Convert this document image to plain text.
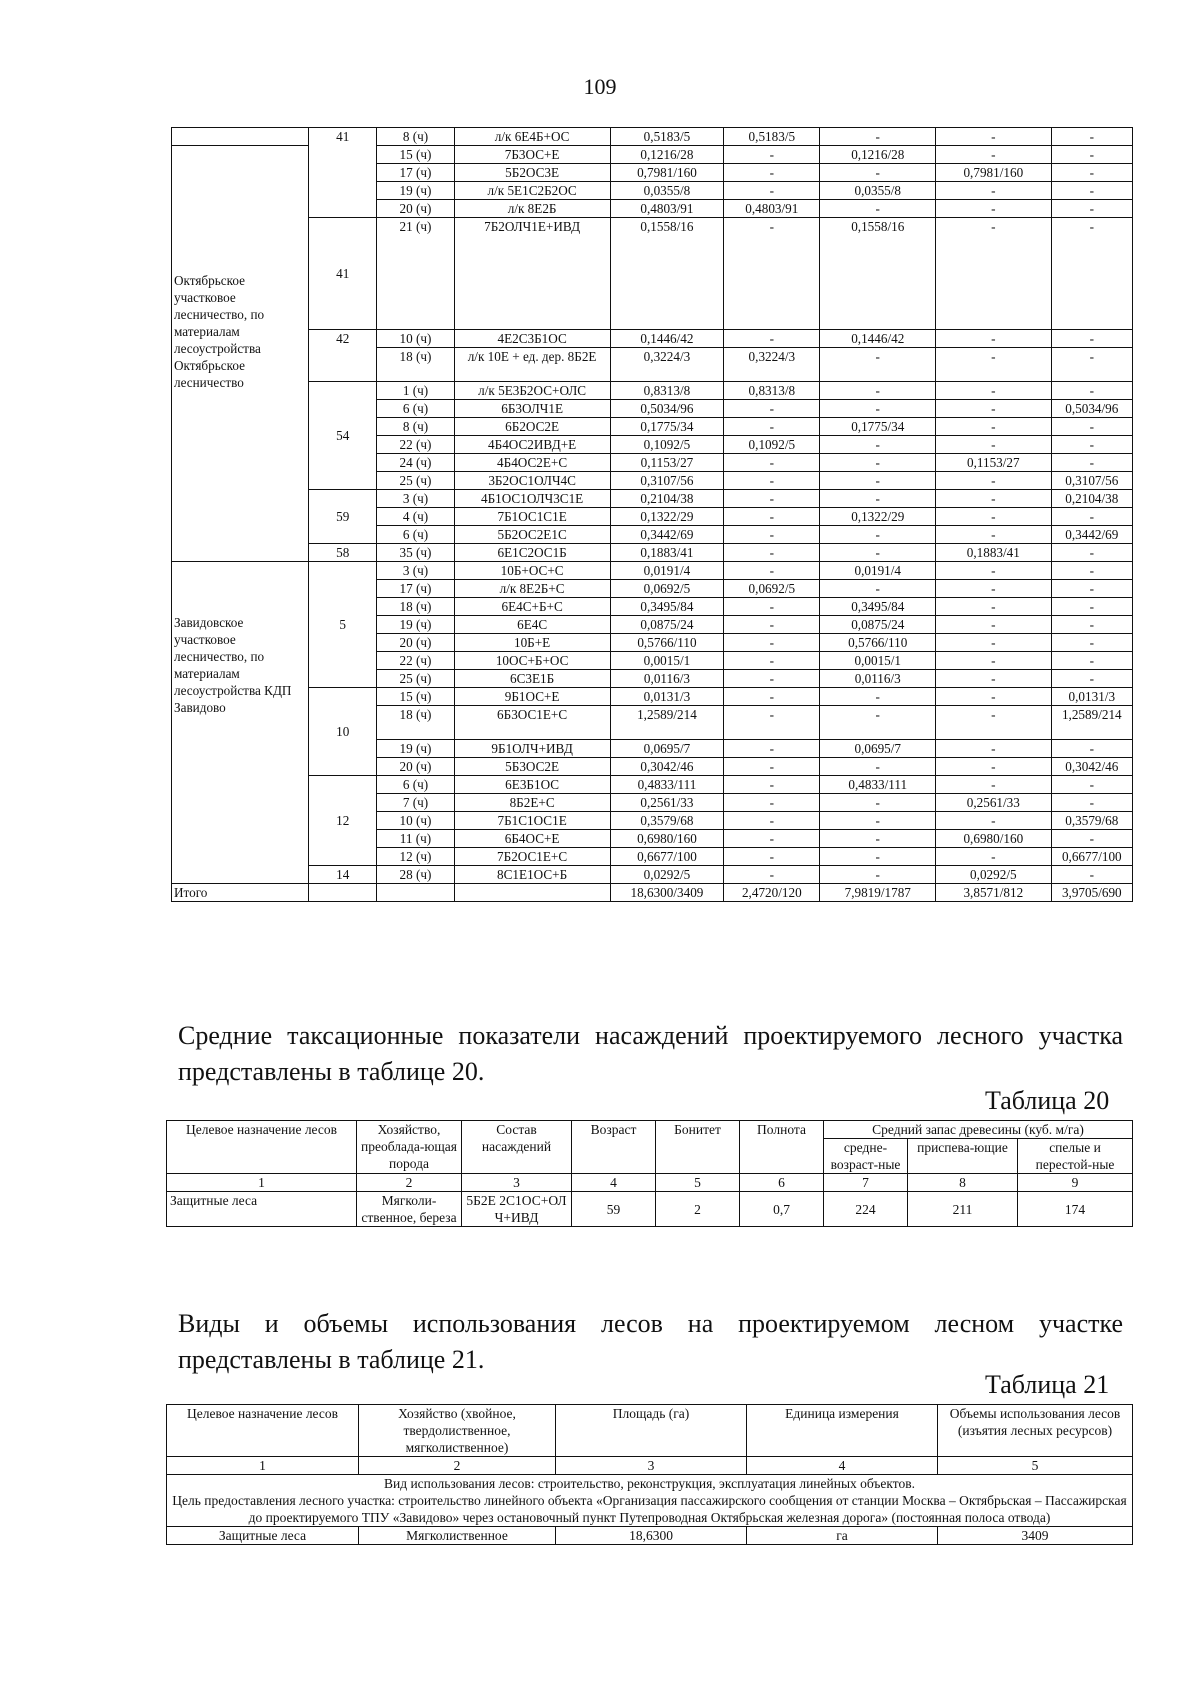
109
	41	8 (ч)	л/к 6Е4Б+ОС	0,5183/5	0,5183/5	-	-	-
Октябрьское участковое лесничество, по материалам лесоустройства Октябрьское лесничество		15 (ч)	7Б3ОС+Е	0,1216/28	-	0,1216/28	-	-
		17 (ч)	5Б2ОС3Е	0,7981/160	-	-	0,7981/160	-
		19 (ч)	л/к 5Е1С2Б2ОС	0,0355/8	-	0,0355/8	-	-
		20 (ч)	л/к 8Е2Б	0,4803/91	0,4803/91	-	-	-
	41	21 (ч)	7Б2ОЛЧ1Е+ИВД	0,1558/16	-	0,1558/16	-	-
	42	10 (ч)	4Е2С3Б1ОС	0,1446/42	-	0,1446/42	-	-
		18 (ч)	л/к 10Е + ед. дер. 8Б2Е	0,3224/3	0,3224/3	-	-	-
	54	1 (ч)	л/к 5Е3Б2ОС+ОЛС	0,8313/8	0,8313/8	-	-	-
		6 (ч)	6Б3ОЛЧ1Е	0,5034/96	-	-	-	0,5034/96
		8 (ч)	6Б2ОС2Е	0,1775/34	-	0,1775/34	-	-
		22 (ч)	4Б4ОС2ИВД+Е	0,1092/5	0,1092/5	-	-	-
		24 (ч)	4Б4ОС2Е+С	0,1153/27	-	-	0,1153/27	-
		25 (ч)	3Б2ОС1ОЛЧ4С	0,3107/56	-	-	-	0,3107/56
	59	3 (ч)	4Б1ОС1ОЛЧ3С1Е	0,2104/38	-	-	-	0,2104/38
		4 (ч)	7Б1ОС1С1Е	0,1322/29	-	0,1322/29	-	-
		6 (ч)	5Б2ОС2Е1С	0,3442/69	-	-	-	0,3442/69
	58	35 (ч)	6Е1С2ОС1Б	0,1883/41	-	-	0,1883/41	-
Завидовское участковое лесничество, по материалам лесоустройства КДП Завидово	5	3 (ч)	10Б+ОС+С	0,0191/4	-	0,0191/4	-	-
		17 (ч)	л/к 8Е2Б+С	0,0692/5	0,0692/5	-	-	-
		18 (ч)	6Е4С+Б+С	0,3495/84	-	0,3495/84	-	-
		19 (ч)	6Е4С	0,0875/24	-	0,0875/24	-	-
		20 (ч)	10Б+Е	0,5766/110	-	0,5766/110	-	-
		22 (ч)	10ОС+Б+ОС	0,0015/1	-	0,0015/1	-	-
		25 (ч)	6С3Е1Б	0,0116/3	-	0,0116/3	-	-
	10	15 (ч)	9Б1ОС+Е	0,0131/3	-	-	-	0,0131/3
		18 (ч)	6Б3ОС1Е+С	1,2589/214	-	-	-	1,2589/214
		19 (ч)	9Б1ОЛЧ+ИВД	0,0695/7	-	0,0695/7	-	-
		20 (ч)	5Б3ОС2Е	0,3042/46	-	-	-	0,3042/46
	12	6 (ч)	6Е3Б1ОС	0,4833/111	-	0,4833/111	-	-
		7 (ч)	8Б2Е+С	0,2561/33	-	-	0,2561/33	-
		10 (ч)	7Б1С1ОС1Е	0,3579/68	-	-	-	0,3579/68
		11 (ч)	6Б4ОС+Е	0,6980/160	-	-	0,6980/160	-
		12 (ч)	7Б2ОС1Е+С	0,6677/100	-	-	-	0,6677/100
	14	28 (ч)	8С1Е1ОС+Б	0,0292/5	-	-	0,0292/5	-
Итого				18,6300/3409	2,4720/120	7,9819/1787	3,8571/812	3,9705/690
Средние таксационные показатели насаждений проектируемого лесного участка представлены в таблице 20.
Таблица 20
Целевое назначение лесов	Хозяйство, преоблада-ющая порода	Состав насаждений	Возраст	Бонитет	Полнота	Средний запас древесины (куб. м/га)		
						средне-возраст-ные	приспева-ющие	спелые и перестой-ные
1	2	3	4	5	6	7	8	9
Защитные леса	Мягколи-ственное, береза	5Б2Е 2С1ОС+ОЛ Ч+ИВД	59	2	0,7	224	211	174
Виды и объемы использования лесов на проектируемом лесном участке представлены в таблице 21.
Таблица 21
Целевое назначение лесов	Хозяйство (хвойное, твердолиственное, мягколиственное)	Площадь (га)	Единица измерения	Объемы использования лесов (изъятия лесных ресурсов)
1	2	3	4	5

Вид использования лесов: строительство, реконструкция, эксплуатация линейных объектов.
Цель предоставления лесного участка: строительство линейного объекта «Организация пассажирского сообщения от станции Москва – Октябрьская – Пассажирская до проектируемого ТПУ «Завидово» через остановочный пункт Путепроводная Октябрьская железная дорога» (постоянная полоса отвода)				

Защитные леса	Мягколиственное	18,6300	га	3409
